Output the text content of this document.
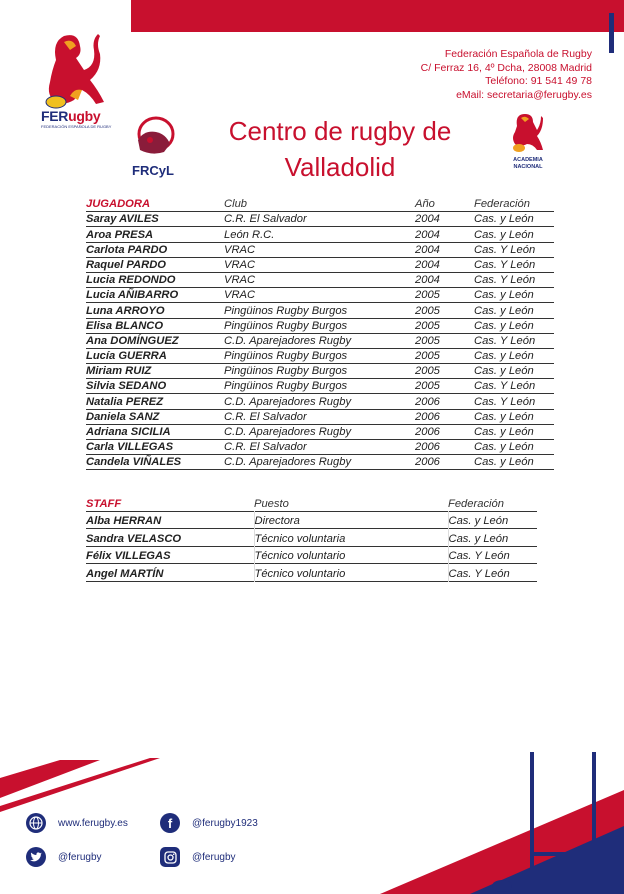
FERugby
FEDERACIÓN ESPAÑOLA DE RUGBY
FRCyL
ACADEMIA
NACIONAL
Federación Española de Rugby
C/ Ferraz 16, 4º Dcha, 28008 Madrid
Teléfono: 91 541 49 78
eMail: secretaria@ferugby.es
Centro de rugby de
Valladolid
JUGADORA	Club	Año	Federación
Saray AVILES	C.R. El Salvador	2004	Cas. y León
Aroa PRESA	León R.C.	2004	Cas. y León
Carlota PARDO	VRAC	2004	Cas. Y León
Raquel PARDO	VRAC	2004	Cas. Y León
Lucia REDONDO	VRAC	2004	Cas. Y León
Lucia AÑIBARRO	VRAC	2005	Cas. y León
Luna ARROYO	Pingüinos Rugby Burgos	2005	Cas. y León
Elisa BLANCO	Pingüinos Rugby Burgos	2005	Cas. y León
Ana DOMÍNGUEZ	C.D. Aparejadores Rugby	2005	Cas. Y León
Lucía GUERRA	Pingüinos Rugby Burgos	2005	Cas. y León
Miriam RUIZ	Pingüinos Rugby Burgos	2005	Cas. y León
Silvia SEDANO	Pingüinos Rugby Burgos	2005	Cas. Y León
Natalia PEREZ	C.D. Aparejadores Rugby	2006	Cas. Y León
Daniela SANZ	C.R. El Salvador	2006	Cas. y León
Adriana SICILIA	C.D. Aparejadores Rugby	2006	Cas. y León
Carla VILLEGAS	C.R. El Salvador	2006	Cas. y León
Candela VIÑALES	C.D. Aparejadores Rugby	2006	Cas. y León
STAFF	Puesto	Federación
Alba HERRAN	Directora	Cas. y León
Sandra VELASCO	Técnico voluntaria	Cas. y León
Félix VILLEGAS	Técnico voluntario	Cas. Y León
Angel MARTÍN	Técnico voluntario	Cas. Y León
www.ferugby.es	f @ferugby1923
@ferugby	@ferugby
